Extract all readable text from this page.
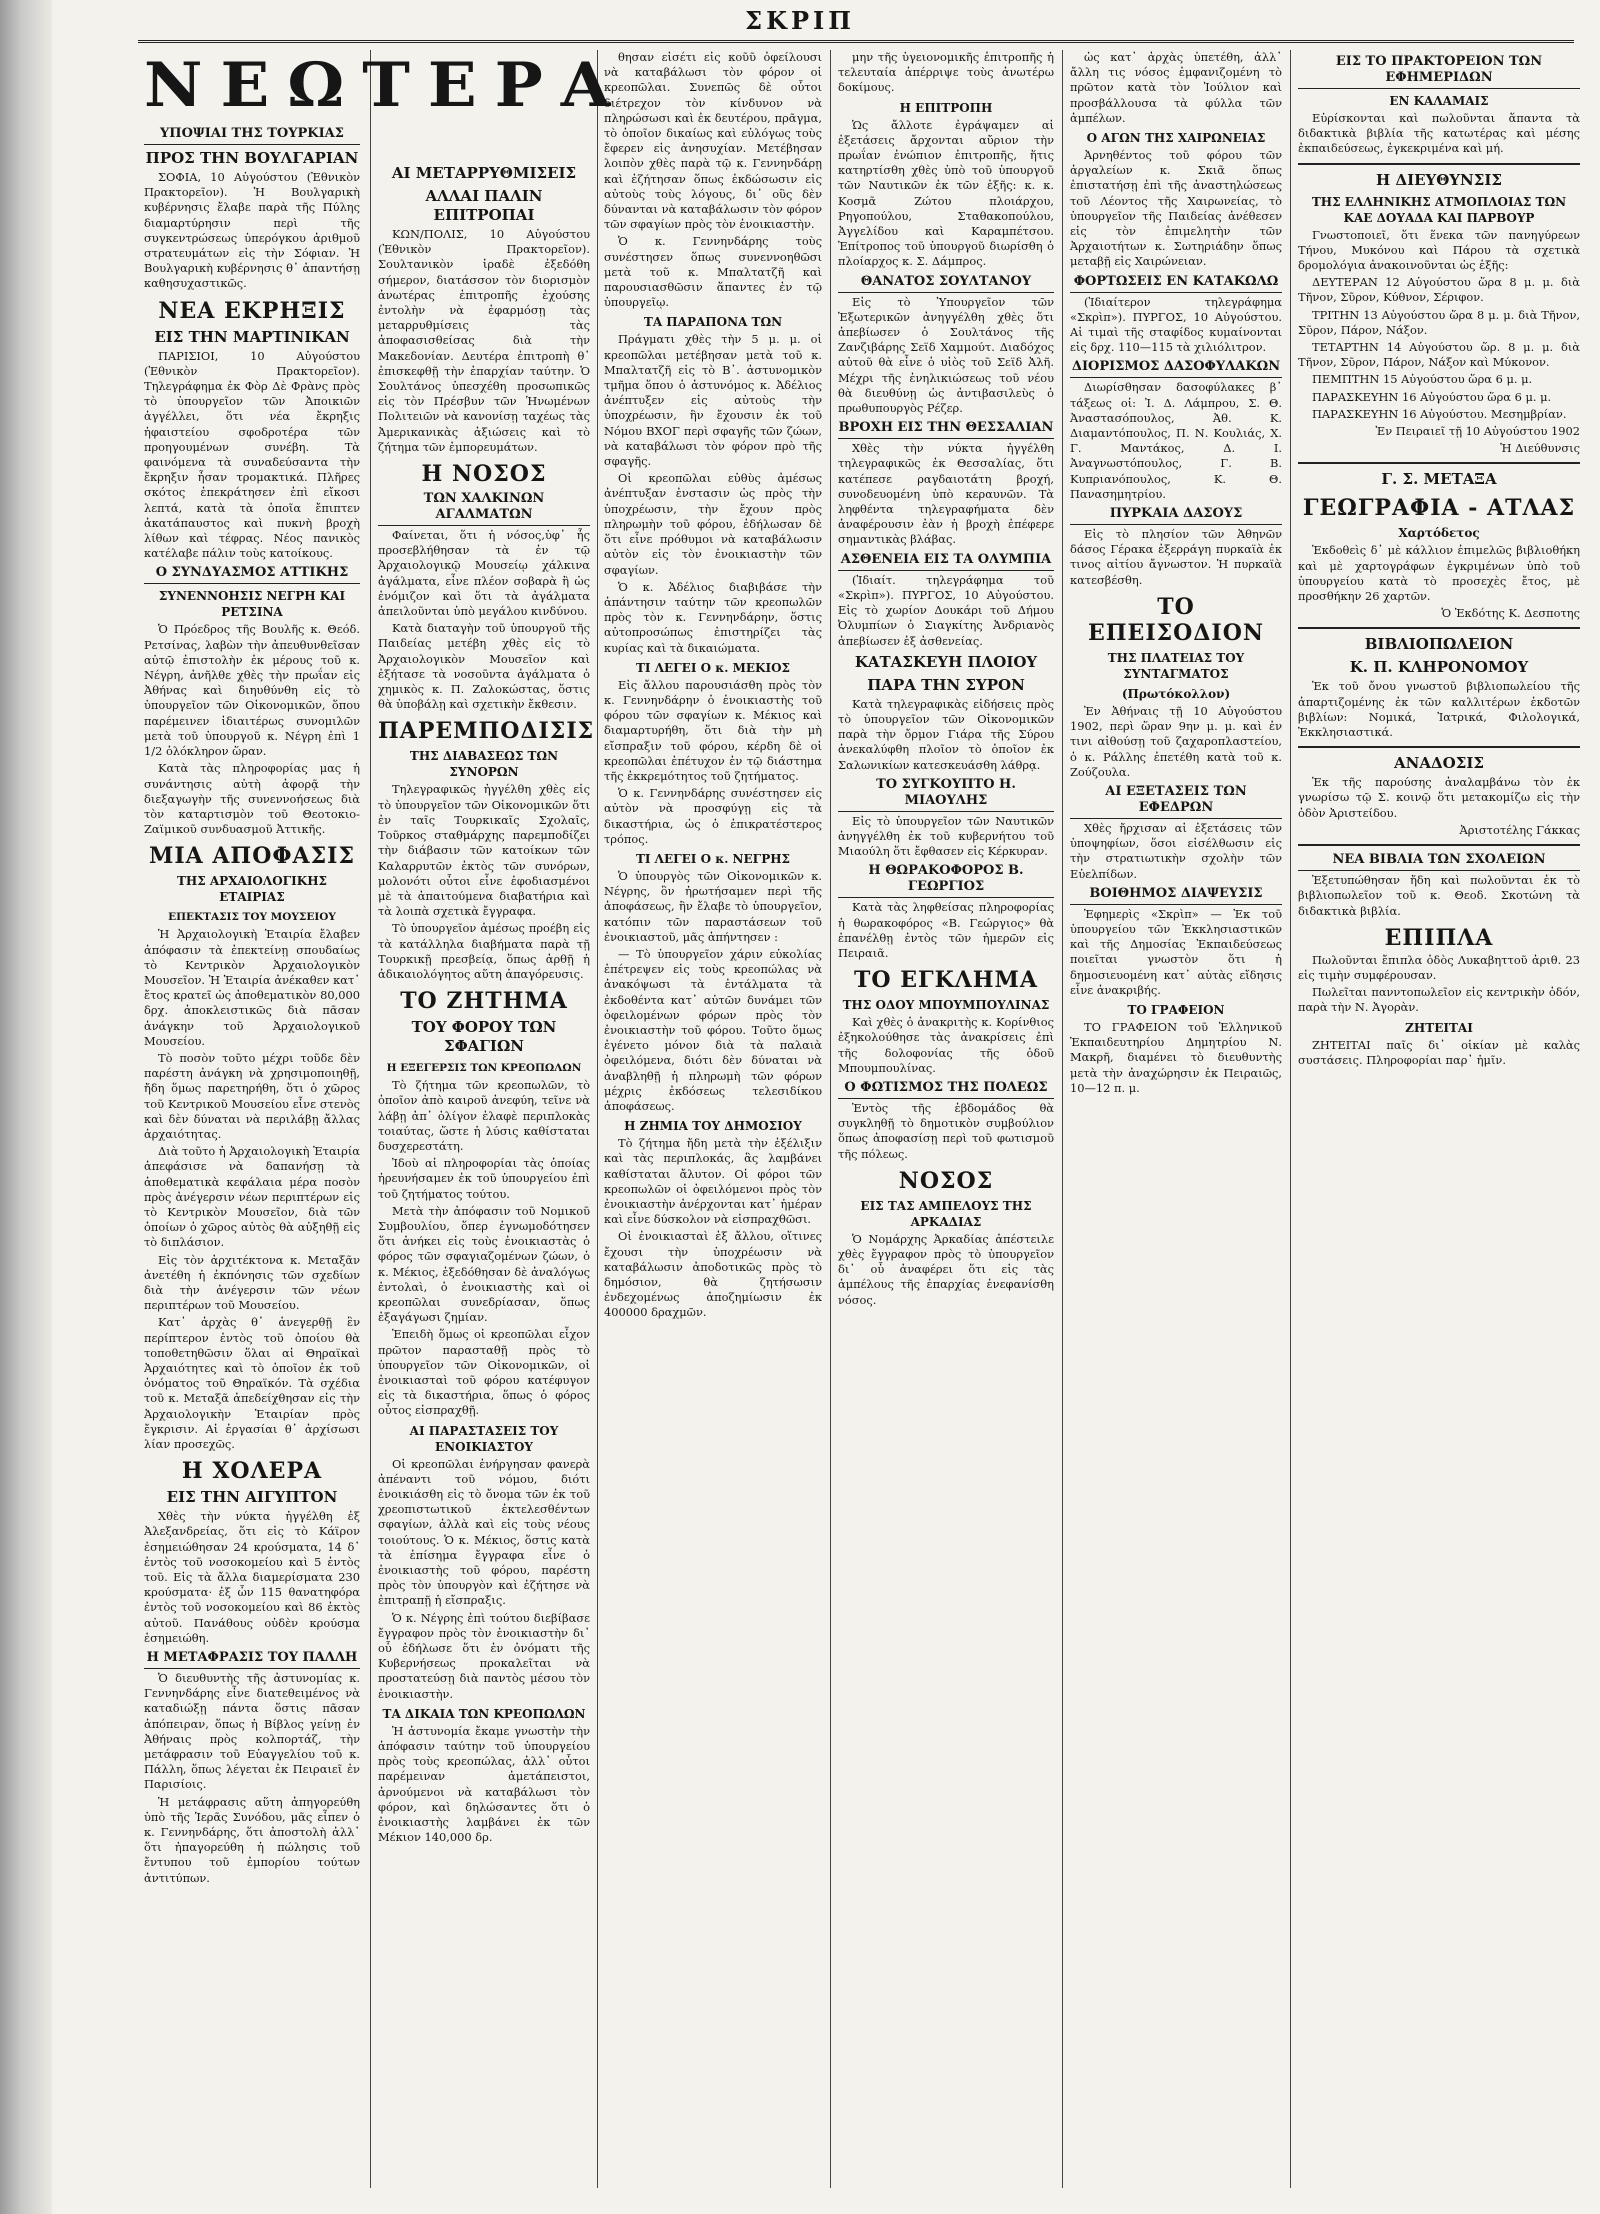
ΣΚΡΙΠ
ΝΕΩΤΕΡΑ
ΥΠΟΨΙΑΙ ΤΗΣ ΤΟΥΡΚΙΑΣ
ΠΡΟΣ ΤΗΝ ΒΟΥΛΓΑΡΙΑΝ

ΣΟΦΙΑ, 10 Αὐγούστου (Ἐθνικὸν Πρακτορεῖον). Ἡ Βουλγαρικὴ κυβέρνησις ἔλαβε παρὰ τῆς Πύλης διαμαρτύρησιν περὶ τῆς συγκεντρώσεως ὑπερόγκου ἀριθμοῦ στρατευμάτων εἰς τὴν Σόφιαν. Ἡ Βουλγαρικὴ κυβέρνησις θ᾽ ἀπαντήσῃ καθησυχαστικῶς.

ΝΕΑ ΕΚΡΗΞΙΣ
ΕΙΣ ΤΗΝ ΜΑΡΤΙΝΙΚΑΝ

ΠΑΡΙΣΙΟΙ, 10 Αὐγούστου (Ἐθνικὸν Πρακτορεῖον). Τηλεγράφημα ἐκ Φὸρ Δὲ Φρὰνς πρὸς τὸ ὑπουργεῖον τῶν Ἀποικιῶν ἀγγέλλει, ὅτι νέα ἔκρηξις ἠφαιστείου σφοδροτέρα τῶν προηγουμένων συνέβη. Τὰ φαινόμενα τὰ συναδεύσαντα τὴν ἔκρηξιν ἦσαν τρομακτικά. Πλῆρες σκότος ἐπεκράτησεν ἐπὶ εἴκοσι λεπτά, κατὰ τὰ ὁποῖα ἔπιπτεν ἀκατάπαυστος καὶ πυκνὴ βροχὴ λίθων καὶ τέφρας. Νέος πανικὸς κατέλαβε πάλιν τοὺς κατοίκους.

Ο ΣΥΝΔΥΑΣΜΟΣ ΑΤΤΙΚΗΣ
ΣΥΝΕΝΝΟΗΣΙΣ ΝΕΓΡΗ ΚΑΙ ΡΕΤΣΙΝΑ

Ὁ Πρόεδρος τῆς Βουλῆς κ. Θεόδ. Ρετσίνας, λαβὼν τὴν ἀπευθυνθεῖσαν αὐτῷ ἐπιστολὴν ἐκ μέρους τοῦ κ. Νέγρη, ἀνῆλθε χθὲς τὴν πρωΐαν εἰς Ἀθήνας καὶ διηυθύνθη εἰς τὸ ὑπουργεῖον τῶν Οἰκονομικῶν, ὅπου παρέμεινεν ἰδιαιτέρως συνομιλῶν μετὰ τοῦ ὑπουργοῦ κ. Νέγρη ἐπὶ 1 1/2 ὁλόκληρον ὥραν.

Κατὰ τὰς πληροφορίας μας ἡ συνάντησις αὐτὴ ἀφορᾷ τὴν διεξαγωγὴν τῆς συνεννοήσεως διὰ τὸν καταρτισμὸν τοῦ Θεοτοκιο-Ζαϊμικοῦ συνδυασμοῦ Ἀττικῆς.

ΜΙΑ ΑΠΟΦΑΣΙΣ
ΤΗΣ ΑΡΧΑΙΟΛΟΓΙΚΗΣ ΕΤΑΙΡΙΑΣ
ΕΠΕΚΤΑΣΙΣ ΤΟΥ ΜΟΥΣΕΙΟΥ

Ἡ Ἀρχαιολογικὴ Ἑταιρία ἔλαβεν ἀπόφασιν τὰ ἐπεκτείνῃ σπουδαίως τὸ Κεντρικὸν Ἀρχαιολογικὸν Μουσεῖον. Ἡ Ἑταιρία ἀνέκαθεν κατ᾽ ἔτος κρατεῖ ὡς ἀποθεματικὸν 80,000 δρχ. ἀποκλειστικῶς διὰ πᾶσαν ἀνάγκην τοῦ Ἀρχαιολογικοῦ Μουσείου.

Τὸ ποσὸν τοῦτο μέχρι τοῦδε δὲν παρέστη ἀνάγκη νὰ χρησιμοποιηθῇ, ἤδη ὅμως παρετηρήθη, ὅτι ὁ χῶρος τοῦ Κεντρικοῦ Μουσείου εἶνε στενὸς καὶ δὲν δύναται νὰ περιλάβῃ ἄλλας ἀρχαιότητας.

Διὰ τοῦτο ἡ Ἀρχαιολογικὴ Ἑταιρία ἀπεφάσισε νὰ δαπανήσῃ τὰ ἀποθεματικὰ κεφάλαια μέρα ποσὸν πρὸς ἀνέγερσιν νέων περιπτέρων εἰς τὸ Κεντρικὸν Μουσεῖον, διὰ τῶν ὁποίων ὁ χῶρος αὐτὸς θὰ αὐξηθῇ εἰς τὸ διπλάσιον.

Εἰς τὸν ἀρχιτέκτονα κ. Μεταξᾶν ἀνετέθη ἡ ἐκπόνησις τῶν σχεδίων διὰ τὴν ἀνέγερσιν τῶν νέων περιπτέρων τοῦ Μουσείου.

Κατ᾽ ἀρχὰς θ᾽ ἀνεγερθῇ ἓν περίπτερον ἐντὸς τοῦ ὁποίου θὰ τοποθετηθῶσιν ὅλαι αἱ Θηραϊκαὶ Ἀρχαιότητες καὶ τὸ ὁποῖον ἐκ τοῦ ὀνόματος τοῦ Θηραϊκόν. Τὰ σχέδια τοῦ κ. Μεταξᾶ ἀπεδείχθησαν εἰς τὴν Ἀρχαιολογικὴν Ἑταιρίαν πρὸς ἔγκρισιν. Αἱ ἐργασίαι θ᾽ ἀρχίσωσι λίαν προσεχῶς.

Η ΧΟΛΕΡΑ
ΕΙΣ ΤΗΝ ΑΙΓΥΠΤΟΝ

Χθὲς τὴν νύκτα ἠγγέλθη ἐξ Ἀλεξανδρείας, ὅτι εἰς τὸ Κάϊρον ἐσημειώθησαν 24 κρούσματα, 14 δ᾽ ἐντὸς τοῦ νοσοκομείου καὶ 5 ἐντὸς τοῦ. Εἰς τὰ ἄλλα διαμερίσματα 230 κρούσματα· ἐξ ὧν 115 θανατηφόρα ἐντὸς τοῦ νοσοκομείου καὶ 86 ἐκτὸς αὐτοῦ. Πανάθους οὐδὲν κρούσμα ἐσημειώθη.

Η ΜΕΤΑΦΡΑΣΙΣ ΤΟΥ ΠΑΛΛΗ

Ὁ διευθυντὴς τῆς ἀστυνομίας κ. Γεννηνδάρης εἶνε διατεθειμένος νὰ καταδιώξῃ πάντα ὅστις πᾶσαν ἀπόπειραν, ὅπως ἡ Βίβλος γείνῃ ἐν Ἀθήναις πρὸς κολπορτάζ, τὴν μετάφρασιν τοῦ Εὐαγγελίου τοῦ κ. Πάλλη, ὅπως λέγεται ἐκ Πειραιεῖ ἐν Παρισίοις.

Ἡ μετάφρασις αὕτη ἀπηγορεύθη ὑπὸ τῆς Ἱερᾶς Συνόδου, μᾶς εἶπεν ὁ κ. Γεννηνδάρης, ὅτι ἀποστολὴ ἀλλ᾽ ὅτι ἠπαγορεύθη ἡ πώλησις τοῦ ἔντυπου τοῦ ἐμπορίου τούτων ἀντιτύπων.

ΑΙ ΜΕΤΑΡΡΥΘΜΙΣΕΙΣ
ΑΛΛΑΙ ΠΑΛΙΝ ΕΠΙΤΡΟΠΑΙ

ΚΩΝ/ΠΟΛΙΣ, 10 Αὐγούστου (Ἐθνικὸν Πρακτορεῖον). Σουλτανικὸν ἰραδὲ ἐξεδόθη σήμερον, διατάσσον τὸν διορισμὸν ἀνωτέρας ἐπιτροπῆς ἐχούσης ἐντολὴν νὰ ἐφαρμόσῃ τὰς μεταρρυθμίσεις τὰς ἀποφασισθείσας διὰ τὴν Μακεδονίαν. Δευτέρα ἐπιτροπὴ θ᾽ ἐπισκεφθῇ τὴν ἐπαρχίαν ταύτην. Ὁ Σουλτάνος ὑπεσχέθη προσωπικῶς εἰς τὸν Πρέσβυν τῶν Ἡνωμένων Πολιτειῶν νὰ κανονίσῃ ταχέως τὰς Ἀμερικανικὰς ἀξιώσεις καὶ τὸ ζήτημα τῶν ἐμπορευμάτων.

Η ΝΟΣΟΣ
ΤΩΝ ΧΑΛΚΙΝΩΝ ΑΓΑΛΜΑΤΩΝ

Φαίνεται, ὅτι ἡ νόσος,ὑφ᾽ ἧς προσεβλήθησαν τὰ ἐν τῷ Ἀρχαιολογικῷ Μουσείῳ χάλκινα ἀγάλματα, εἶνε πλέον σοβαρὰ ἢ ὡς ἐνόμιζον καὶ ὅτι τὰ ἀγάλματα ἀπειλοῦνται ὑπὸ μεγάλου κινδύνου.

Κατὰ διαταγὴν τοῦ ὑπουργοῦ τῆς Παιδείας μετέβη χθὲς εἰς τὸ Ἀρχαιολογικὸν Μουσεῖον καὶ ἐξήτασε τὰ νοσοῦντα ἀγάλματα ὁ χημικὸς κ. Π. Ζαλοκώστας, ὅστις θὰ ὑποβάλῃ καὶ σχετικὴν ἔκθεσιν.

ΠΑΡΕΜΠΟΔΙΣΙΣ
ΤΗΣ ΔΙΑΒΑΣΕΩΣ ΤΩΝ ΣΥΝΟΡΩΝ

Τηλεγραφικῶς ἠγγέλθη χθὲς εἰς τὸ ὑπουργεῖον τῶν Οἰκονομικῶν ὅτι ἐν ταῖς Τουρκικαῖς Σχολαῖς, Τοῦρκος σταθμάρχης παρεμποδίζει τὴν διάβασιν τῶν κατοίκων τῶν Καλαρρυτῶν ἐκτὸς τῶν συνόρων, μολονότι οὗτοι εἶνε ἐφοδιασμένοι μὲ τὰ ἀπαιτούμενα διαβατήρια καὶ τὰ λοιπὰ σχετικὰ ἔγγραφα.

Τὸ ὑπουργεῖον ἀμέσως προέβη εἰς τὰ κατάλληλα διαβήματα παρὰ τῇ Τουρκικῇ πρεσβείᾳ, ὅπως ἀρθῇ ἡ ἀδικαιολόγητος αὕτη ἀπαγόρευσις.

ΤΟ ΖΗΤΗΜΑ
ΤΟΥ ΦΟΡΟΥ ΤΩΝ ΣΦΑΓΙΩΝ
Η ΕΞΕΓΕΡΣΙΣ ΤΩΝ ΚΡΕΟΠΩΛΩΝ

Τὸ ζήτημα τῶν κρεοπωλῶν, τὸ ὁποῖον ἀπὸ καιροῦ ἀνεφύη, τεῖνε νὰ λάβῃ ἀπ᾽ ὀλίγον ἐλαφὲ περιπλοκὰς τοιαύτας, ὥστε ἡ λύσις καθίσταται δυσχερεστάτη.

Ἰδοὺ αἱ πληροφορίαι τὰς ὁποίας ἠρευνήσαμεν ἐκ τοῦ ὑπουργείου ἐπὶ τοῦ ζητήματος τούτου.

Μετὰ τὴν ἀπόφασιν τοῦ Νομικοῦ Συμβουλίου, ὅπερ ἐγνωμοδότησεν ὅτι ἀνήκει εἰς τοὺς ἐνοικιαστὰς ὁ φόρος τῶν σφαγιαζομένων ζώων, ὁ κ. Μέκιος, ἐξεδόθησαν δὲ ἀναλόγως ἐντολαὶ, ὁ ἐνοικιαστὴς καὶ οἱ κρεοπῶλαι συνεδρίασαν, ὅπως ἐξαγάγωσι ζημίαν.

Ἐπειδὴ ὅμως οἱ κρεοπῶλαι εἶχον πρῶτον παρασταθῇ πρὸς τὸ ὑπουργεῖον τῶν Οἰκονομικῶν, οἱ ἐνοικιασταὶ τοῦ φόρου κατέφυγον εἰς τὰ δικαστήρια, ὅπως ὁ φόρος οὗτος εἰσπραχθῇ.

ΑΙ ΠΑΡΑΣΤΑΣΕΙΣ ΤΟΥ ΕΝΟΙΚΙΑΣΤΟΥ

Οἱ κρεοπῶλαι ἐνήργησαν φανερὰ ἀπέναντι τοῦ νόμου, διότι ἐνοικιάσθη εἰς τὸ ὄνομα τῶν ἐκ τοῦ χρεοπιστωτικοῦ ἐκτελεσθέντων σφαγίων, ἀλλὰ καὶ εἰς τοὺς νέους τοιούτους. Ὁ κ. Μέκιος, ὅστις κατὰ τὰ ἐπίσημα ἔγγραφα εἶνε ὁ ἐνοικιαστὴς τοῦ φόρου, παρέστη πρὸς τὸν ὑπουργὸν καὶ ἐζήτησε νὰ ἐπιτραπῇ ἡ εἴσπραξις.

Ὁ κ. Νέγρης ἐπὶ τούτου διεβίβασε ἔγγραφον πρὸς τὸν ἐνοικιαστὴν δι᾽ οὗ ἐδήλωσε ὅτι ἐν ὀνόματι τῆς Κυβερνήσεως προκαλεῖται νὰ προστατεύσῃ διὰ παντὸς μέσου τὸν ἐνοικιαστὴν.

ΤΑ ΔΙΚΑΙΑ ΤΩΝ ΚΡΕΟΠΩΛΩΝ

Ἡ ἀστυνομία ἔκαμε γνωστὴν τὴν ἀπόφασιν ταύτην τοῦ ὑπουργείου πρὸς τοὺς κρεοπώλας, ἀλλ᾽ οὗτοι παρέμειναν ἀμετάπειστοι, ἀρνούμενοι νὰ καταβάλωσι τὸν φόρον, καὶ δηλώσαντες ὅτι ὁ ἐνοικιαστὴς λαμβάνει ἐκ τῶν Μέκιον 140,000 δρ.

θησαν εἰσέτι εἰς κοῦῦ ὀφείλουσι νὰ καταβάλωσι τὸν φόρον οἱ κρεοπῶλαι. Συνεπῶς δὲ οὗτοι διέτρεχον τὸν κίνδυνον νὰ πληρώσωσι καὶ ἐκ δευτέρου, πρᾶγμα, τὸ ὁποῖον δικαίως καὶ εὐλόγως τοὺς ἔφερεν εἰς ἀνησυχίαν. Μετέβησαν λοιπὸν χθὲς παρὰ τῷ κ. Γεννηνδάρῃ καὶ ἐζήτησαν ὅπως ἐκδώσωσιν εἰς αὐτοὺς τοὺς λόγους, δι᾽ οὓς δὲν δύνανται νὰ καταβάλωσιν τὸν φόρον τῶν σφαγίων πρὸς τὸν ἐνοικιαστὴν.

Ὁ κ. Γεννηνδάρης τοὺς συνέστησεν ὅπως συνεννοηθῶσι μετὰ τοῦ κ. Μπαλτατζῆ καὶ παρουσιασθῶσιν ἅπαντες ἐν τῷ ὑπουργεῖῳ.

ΤΑ ΠΑΡΑΠΟΝΑ ΤΩΝ

Πράγματι χθὲς τὴν 5 μ. μ. οἱ κρεοπῶλαι μετέβησαν μετὰ τοῦ κ. Μπαλτατζῆ εἰς τὸ Β᾽. ἀστυνομικὸν τμῆμα ὅπου ὁ ἀστυνόμος κ. Ἀδέλιος ἀνέπτυξεν εἰς αὐτοὺς τὴν ὑποχρέωσιν, ἣν ἔχουσιν ἐκ τοῦ Νόμου ΒΧΟΓ περὶ σφαγῆς τῶν ζώων, νὰ καταβάλωσι τὸν φόρον πρὸ τῆς σφαγῆς.

Οἱ κρεοπῶλαι εὐθὺς ἀμέσως ἀνέπτυξαν ἐνστασιν ὡς πρὸς τὴν ὑποχρέωσιν, τὴν ἔχουν πρὸς πληρωμὴν τοῦ φόρου, ἐδήλωσαν δὲ ὅτι εἶνε πρόθυμοι νὰ καταβάλωσιν αὐτὸν εἰς τὸν ἐνοικιαστὴν τῶν σφαγίων.

Ὁ κ. Ἀδέλιος διαβιβάσε τὴν ἀπάντησιν ταύτην τῶν κρεοπωλῶν πρὸς τὸν κ. Γεννηνδάρην, ὅστις αὐτοπροσώπως ἐπιστηρίζει τὰς κυρίας καὶ τὰ δικαιώματα.

ΤΙ ΛΕΓΕΙ Ο κ. ΜΕΚΙΟΣ

Εἰς ἄλλου παρουσιάσθη πρὸς τὸν κ. Γεννηνδάρην ὁ ἐνοικιαστὴς τοῦ φόρου τῶν σφαγίων κ. Μέκιος καὶ διαμαρτυρήθη, ὅτι διὰ τὴν μὴ εἴσπραξιν τοῦ φόρου, κέρδη δὲ οἱ κρεοπῶλαι ἐπέτυχον ἐν τῷ διάστημα τῆς ἐκκρεμότητος τοῦ ζητήματος.

Ὁ κ. Γεννηνδάρης συνέστησεν εἰς αὐτὸν νὰ προσφύγῃ εἰς τὰ δικαστήρια, ὡς ὁ ἐπικρατέστερος τρόπος.

ΤΙ ΛΕΓΕΙ Ο κ. ΝΕΓΡΗΣ

Ὁ ὑπουργὸς τῶν Οἰκονομικῶν κ. Νέγρης, ὃν ἠρωτήσαμεν περὶ τῆς ἀποφάσεως, ἣν ἔλαβε τὸ ὑπουργεῖον, κατόπιν τῶν παραστάσεων τοῦ ἐνοικιαστοῦ, μᾶς ἀπήντησεν :

— Τὸ ὑπουργεῖον χάριν εὐκολίας ἐπέτρεψεν εἰς τοὺς κρεοπώλας νὰ ἀνακόψωσι τὰ ἐντάλματα τὰ ἐκδοθέντα κατ᾽ αὐτῶν δυνάμει τῶν ὀφειλομένων φόρων πρὸς τὸν ἐνοικιαστὴν τοῦ φόρου. Τοῦτο ὅμως ἐγένετο μόνον διὰ τὰ παλαιὰ ὀφειλόμενα, διότι δὲν δύναται νὰ ἀναβληθῇ ἡ πληρωμὴ τῶν φόρων μέχρις ἐκδόσεως τελεσιδίκου ἀποφάσεως.

Η ΖΗΜΙΑ ΤΟΥ ΔΗΜΟΣΙΟΥ

Τὸ ζήτημα ἤδη μετὰ τὴν ἐξέλιξιν καὶ τὰς περιπλοκάς, ἃς λαμβάνει καθίσταται ἄλυτον. Οἱ φόροι τῶν κρεοπωλῶν οἱ ὀφειλόμενοι πρὸς τὸν ἐνοικιαστὴν ἀνέρχονται κατ᾽ ἡμέραν καὶ εἶνε δύσκολον νὰ εἰσπραχθῶσι.

Οἱ ἐνοικιασταὶ ἐξ ἄλλου, οἵτινες ἔχουσι τὴν ὑποχρέωσιν νὰ καταβάλωσιν ἀποδοτικῶς πρὸς τὸ δημόσιον, θὰ ζητήσωσιν ἐνδεχομένως ἀποζημίωσιν ἐκ 400000 δραχμῶν.

μην τῆς ὑγειονομικῆς ἐπιτροπῆς ἡ τελευταία ἀπέρριψε τοὺς ἀνωτέρω δοκίμους.

Η ΕΠΙΤΡΟΠΗ

Ὡς ἄλλοτε ἐγράψαμεν αἱ ἐξετάσεις ἄρχονται αὔριον τὴν πρωΐαν ἐνώπιον ἐπιτροπῆς, ἥτις κατηρτίσθη χθὲς ὑπὸ τοῦ ὑπουργοῦ τῶν Ναυτικῶν ἐκ τῶν ἑξῆς: κ. κ. Κοσμᾶ Ζώτου πλοιάρχου, Ρηγοπούλου, Σταθακοπούλου, Ἀγγελίδου καὶ Καραμπέτσου. Ἐπίτροπος τοῦ ὑπουργοῦ διωρίσθη ὁ πλοίαρχος κ. Σ. Δάμπρος.

ΘΑΝΑΤΟΣ ΣΟΥΛΤΑΝΟΥ

Εἰς τὸ Ὑπουργεῖον τῶν Ἐξωτερικῶν ἀνηγγέλθη χθὲς ὅτι ἀπεβίωσεν ὁ Σουλτάνος τῆς Ζανζιβάρης Σεϊδ Χαμμούτ. Διαδόχος αὐτοῦ θὰ εἶνε ὁ υἱὸς τοῦ Σεϊδ Ἀλῆ. Μέχρι τῆς ἐνηλικιώσεως τοῦ νέου θὰ διευθύνῃ ὡς ἀντιβασιλεὺς ὁ πρωθυπουργὸς Ρέζερ.

ΒΡΟΧΗ ΕΙΣ ΤΗΝ ΘΕΣΣΑΛΙΑΝ

Χθὲς τὴν νύκτα ἠγγέλθη τηλεγραφικῶς ἐκ Θεσσαλίας, ὅτι κατέπεσε ραγδαιοτάτη βροχή, συνοδευομένη ὑπὸ κεραυνῶν. Τὰ ληφθέντα τηλεγραφήματα δὲν ἀναφέρουσιν ἐὰν ἡ βροχὴ ἐπέφερε σημαντικὰς βλάβας.

ΑΣΘΕΝΕΙΑ ΕΙΣ ΤΑ ΟΛΥΜΠΙΑ

(Ἰδιαίτ. τηλεγράφημα τοῦ «Σκρὶπ»). ΠΥΡΓΟΣ, 10 Αὐγούστου. Εἰς τὸ χωρίον Δουκάρι τοῦ Δήμου Ὀλυμπίων ὁ Σιαγκίτης Ἀνδριανὸς ἀπεβίωσεν ἐξ ἀσθενείας.

ΚΑΤΑΣΚΕΥΗ ΠΛΟΙΟΥ
ΠΑΡΑ ΤΗΝ ΣΥΡΟΝ

Κατὰ τηλεγραφικὰς εἰδήσεις πρὸς τὸ ὑπουργεῖον τῶν Οἰκονομικῶν παρὰ τὴν ὄρμον Γιάρα τῆς Σύρου ἀνεκαλύφθη πλοῖον τὸ ὁποῖον ἐκ Σαλωνικίων κατεσκευάσθη λάθρᾳ.

ΤΟ ΣΥΓΚΟΥΠΤΟ Η. ΜΙΑΟΥΛΗΣ

Εἰς τὸ ὑπουργεῖον τῶν Ναυτικῶν ἀνηγγέλθη ἐκ τοῦ κυβερνήτου τοῦ Μιαούλη ὅτι ἔφθασεν εἰς Κέρκυραν.

Η ΘΩΡΑΚΟΦΟΡΟΣ Β. ΓΕΩΡΓΙΟΣ

Κατὰ τὰς ληφθείσας πληροφορίας ἡ θωρακοφόρος «Β. Γεώργιος» θὰ ἐπανέλθῃ ἐντὸς τῶν ἡμερῶν εἰς Πειραιᾶ.

ΤΟ ΕΓΚΛΗΜΑ
ΤΗΣ ΟΔΟΥ ΜΠΟΥΜΠΟΥΛΙΝΑΣ

Καὶ χθὲς ὁ ἀνακριτὴς κ. Κορίνθιος ἐξηκολούθησε τὰς ἀνακρίσεις ἐπὶ τῆς δολοφονίας τῆς ὁδοῦ Μπουμπουλίνας.

Ο ΦΩΤΙΣΜΟΣ ΤΗΣ ΠΟΛΕΩΣ

Ἐντὸς τῆς ἑβδομάδος θὰ συγκληθῇ τὸ δημοτικὸν συμβούλιον ὅπως ἀποφασίσῃ περὶ τοῦ φωτισμοῦ τῆς πόλεως.

ΝΟΣΟΣ
ΕΙΣ ΤΑΣ ΑΜΠΕΛΟΥΣ ΤΗΣ ΑΡΚΑΔΙΑΣ

Ὁ Νομάρχης Ἀρκαδίας ἀπέστειλε χθὲς ἔγγραφον πρὸς τὸ ὑπουργεῖον δι᾽ οὗ ἀναφέρει ὅτι εἰς τὰς ἀμπέλους τῆς ἐπαρχίας ἐνεφανίσθη νόσος.

ὡς κατ᾽ ἀρχὰς ὑπετέθη, ἀλλ᾽ ἄλλη τις νόσος ἐμφανιζομένη τὸ πρῶτον κατὰ τὸν Ἰούλιον καὶ προσβάλλουσα τὰ φύλλα τῶν ἀμπέλων.

Ο ΑΓΩΝ ΤΗΣ ΧΑΙΡΩΝΕΙΑΣ

Ἀρνηθέντος τοῦ φόρου τῶν ἀργαλείων κ. Σκιᾶ ὅπως ἐπιστατήσῃ ἐπὶ τῆς ἀναστηλώσεως τοῦ Λέοντος τῆς Χαιρωνείας, τὸ ὑπουργεῖον τῆς Παιδείας ἀνέθεσεν εἰς τὸν ἐπιμελητὴν τῶν Ἀρχαιοτήτων κ. Σωτηριάδην ὅπως μεταβῇ εἰς Χαιρώνειαν.

ΦΟΡΤΩΣΕΙΣ ΕΝ ΚΑΤΑΚΩΛΩ

(Ἰδιαίτερον τηλεγράφημα «Σκρὶπ»). ΠΥΡΓΟΣ, 10 Αὐγούστου. Αἱ τιμαὶ τῆς σταφίδος κυμαίνονται εἰς δρχ. 110—115 τὰ χιλιόλιτρον.

ΔΙΟΡΙΣΜΟΣ ΔΑΣΟΦΥΛΑΚΩΝ

Διωρίσθησαν δασοφύλακες β᾽ τάξεως οἱ: Ἰ. Δ. Λάμπρου, Σ. Θ. Ἀναστασόπουλος, Ἀθ. Κ. Διαμαντόπουλος, Π. Ν. Κουλιάς, Χ. Γ. Μαντάκος, Δ. Ι. Ἀναγνωστόπουλος, Γ. Β. Κυπριανόπουλος, Κ. Θ. Πανασημητρίου.

ΠΥΡΚΑΙΑ ΔΑΣΟΥΣ

Εἰς τὸ πλησίον τῶν Ἀθηνῶν δάσος Γέρακα ἐξερράγη πυρκαϊὰ ἐκ τινος αἰτίου ἄγνωστον. Ἡ πυρκαϊὰ κατεσβέσθη.

ΤΟ ΕΠΕΙΣΟΔΙΟΝ
ΤΗΣ ΠΛΑΤΕΙΑΣ ΤΟΥ ΣΥΝΤΑΓΜΑΤΟΣ
(Πρωτόκολλον)

Ἐν Ἀθήναις τῇ 10 Αὐγούστου 1902, περὶ ὥραν 9ην μ. μ. καὶ ἐν τινι αἰθούσῃ τοῦ ζαχαροπλαστείου, ὁ κ. Ράλλης ἐπετέθη κατὰ τοῦ κ. Ζούζουλα.

ΑΙ ΕΞΕΤΑΣΕΙΣ ΤΩΝ ΕΦΕΔΡΩΝ

Χθὲς ἤρχισαν αἱ ἐξετάσεις τῶν ὑποψηφίων, ὅσοι εἰσέλθωσιν εἰς τὴν στρατιωτικὴν σχολὴν τῶν Εὐελπίδων.

ΒΟΙΘΗΜΟΣ ΔΙΑΨΕΥΣΙΣ

Ἐφημερὶς «Σκρὶπ» — Ἐκ τοῦ ὑπουργείου τῶν Ἐκκλησιαστικῶν καὶ τῆς Δημοσίας Ἐκπαιδεύσεως ποιεῖται γνωστὸν ὅτι ἡ δημοσιευομένη κατ᾽ αὐτὰς εἴδησις εἶνε ἀνακριβής.

ΤΟ ΓΡΑΦΕΙΟΝ

ΤΟ ΓΡΑΦΕΙΟΝ τοῦ Ἑλληνικοῦ Ἐκπαιδευτηρίου Δημητρίου Ν. Μακρῆ, διαμένει τὸ διευθυντὴς μετὰ τὴν ἀναχώρησιν ἐκ Πειραιῶς, 10—12 π. μ.

ΕΙΣ ΤΟ ΠΡΑΚΤΟΡΕΙΟΝ ΤΩΝ ΕΦΗΜΕΡΙΔΩΝ
ΕΝ ΚΑΛΑΜΑΙΣ

Εὑρίσκονται καὶ πωλοῦνται ἅπαντα τὰ διδακτικὰ βιβλία τῆς κατωτέρας καὶ μέσης ἐκπαιδεύσεως, ἐγκεκριμένα καὶ μή.

Η ΔΙΕΥΘΥΝΣΙΣ
ΤΗΣ ΕΛΛΗΝΙΚΗΣ ΑΤΜΟΠΛΟΙΑΣ ΤΩΝ ΚΑΕ ΔΟΥΑΔΑ ΚΑΙ ΠΑΡΒΟΥΡ

Γνωστοποιεῖ, ὅτι ἕνεκα τῶν πανηγύρεων Τήνου, Μυκόνου καὶ Πάρου τὰ σχετικὰ δρομολόγια ἀνακοινοῦνται ὡς ἑξῆς:

ΔΕΥΤΕΡΑΝ 12 Αὐγούστου ὥρα 8 μ. μ. διὰ Τῆνον, Σῦρον, Κύθνον, Σέριφον.

ΤΡΙΤΗΝ 13 Αὐγούστου ὥρα 8 μ. μ. διὰ Τῆνον, Σῦρον, Πάρον, Νάξον.

ΤΕΤΑΡΤΗΝ 14 Αὐγούστου ὥρ. 8 μ. μ. διὰ Τῆνον, Σῦρον, Πάρον, Νάξον καὶ Μύκονον.

ΠΕΜΠΤΗΝ 15 Αὐγούστου ὥρα 6 μ. μ.

ΠΑΡΑΣΚΕΥΗΝ 16 Αὐγούστου ὥρα 6 μ. μ.

ΠΑΡΑΣΚΕΥΗΝ 16 Αὐγούστου. Μεσημβρίαν.

Ἐν Πειραιεῖ τῇ 10 Αὐγούστου 1902

Ἡ Διεύθυνσις

Γ. Σ. ΜΕΤΑΞΑ
ΓΕΩΓΡΑΦΙΑ - ΑΤΛΑΣ
Χαρτόδετος

Ἐκδοθεὶς δ᾽ μὲ κάλλιον ἐπιμελῶς βιβλιοθήκη καὶ μὲ χαρτογράφων ἐγκριμένων ὑπὸ τοῦ ὑπουργείου κατὰ τὸ προσεχὲς ἔτος, μὲ προσθήκην 26 χαρτῶν.

Ὁ Ἐκδότης Κ. Δεσποτης

ΒΙΒΛΙΟΠΩΛΕΙΟΝ
Κ. Π. ΚΛΗΡΟΝΟΜΟΥ

Ἐκ τοῦ ὄνου γνωστοῦ βιβλιοπωλείου τῆς ἀπαρτιζομένης ἐκ τῶν καλλιτέρων ἐκδοτῶν βιβλίων: Νομικά, Ἰατρικά, Φιλολογικά, Ἐκκλησιαστικά.

ΑΝΑΔΟΣΙΣ

Ἐκ τῆς παρούσης ἀναλαμβάνω τὸν ἐκ γνωρίσω τῷ Σ. κοινῷ ὅτι μετακομίζω εἰς τὴν ὁδὸν Ἀριστείδου.

Ἀριστοτέλης Γάκκας

ΝΕΑ ΒΙΒΛΙΑ ΤΩΝ ΣΧΟΛΕΙΩΝ

Ἐξετυπώθησαν ἤδη καὶ πωλοῦνται ἐκ τὸ βιβλιοπωλεῖον τοῦ κ. Θεοδ. Σκοτώνη τὰ διδακτικὰ βιβλία.

ΕΠΙΠΛΑ

Πωλοῦνται ἔπιπλα ὁδὸς Λυκαβηττοῦ ἀριθ. 23 εἰς τιμὴν συμφέρουσαν.

Πωλεῖται πανντοπωλεῖον εἰς κεντρικὴν ὁδόν, παρὰ τὴν Ν. Ἀγορὰν.

ΖΗΤΕΙΤΑΙ

ΖΗΤΕΙΤΑΙ παῖς δι᾽ οἰκίαν μὲ καλὰς συστάσεις. Πληροφορίαι παρ᾽ ἡμῖν.
